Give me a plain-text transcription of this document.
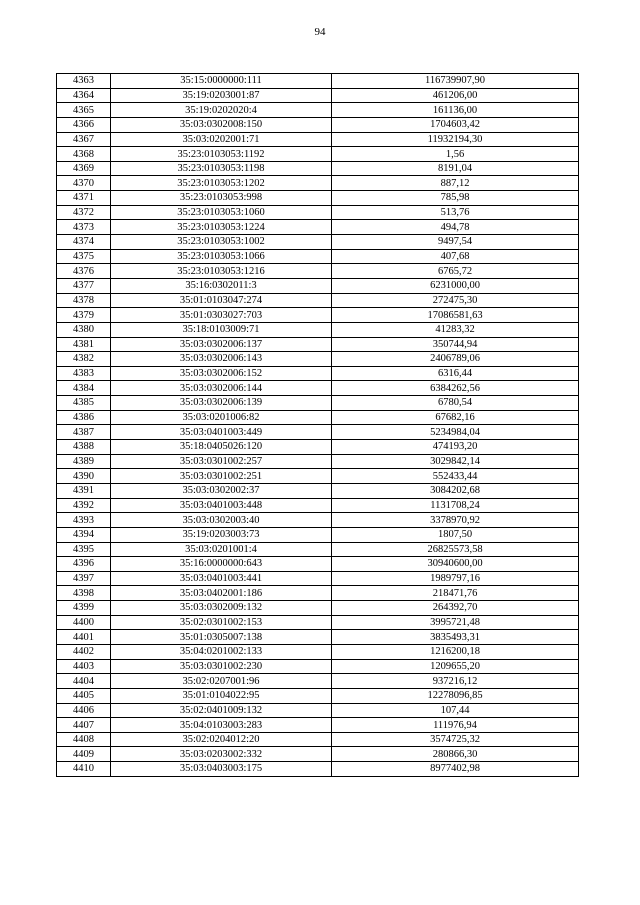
94
4363	35:15:0000000:111	116739907,90
4364	35:19:0203001:87	461206,00
4365	35:19:0202020:4	161136,00
4366	35:03:0302008:150	1704603,42
4367	35:03:0202001:71	11932194,30
4368	35:23:0103053:1192	1,56
4369	35:23:0103053:1198	8191,04
4370	35:23:0103053:1202	887,12
4371	35:23:0103053:998	785,98
4372	35:23:0103053:1060	513,76
4373	35:23:0103053:1224	494,78
4374	35:23:0103053:1002	9497,54
4375	35:23:0103053:1066	407,68
4376	35:23:0103053:1216	6765,72
4377	35:16:0302011:3	6231000,00
4378	35:01:0103047:274	272475,30
4379	35:01:0303027:703	17086581,63
4380	35:18:0103009:71	41283,32
4381	35:03:0302006:137	350744,94
4382	35:03:0302006:143	2406789,06
4383	35:03:0302006:152	6316,44
4384	35:03:0302006:144	6384262,56
4385	35:03:0302006:139	6780,54
4386	35:03:0201006:82	67682,16
4387	35:03:0401003:449	5234984,04
4388	35:18:0405026:120	474193,20
4389	35:03:0301002:257	3029842,14
4390	35:03:0301002:251	552433,44
4391	35:03:0302002:37	3084202,68
4392	35:03:0401003:448	1131708,24
4393	35:03:0302003:40	3378970,92
4394	35:19:0203003:73	1807,50
4395	35:03:0201001:4	26825573,58
4396	35:16:0000000:643	30940600,00
4397	35:03:0401003:441	1989797,16
4398	35:03:0402001:186	218471,76
4399	35:03:0302009:132	264392,70
4400	35:02:0301002:153	3995721,48
4401	35:01:0305007:138	3835493,31
4402	35:04:0201002:133	1216200,18
4403	35:03:0301002:230	1209655,20
4404	35:02:0207001:96	937216,12
4405	35:01:0104022:95	12278096,85
4406	35:02:0401009:132	107,44
4407	35:04:0103003:283	111976,94
4408	35:02:0204012:20	3574725,32
4409	35:03:0203002:332	280866,30
4410	35:03:0403003:175	8977402,98
